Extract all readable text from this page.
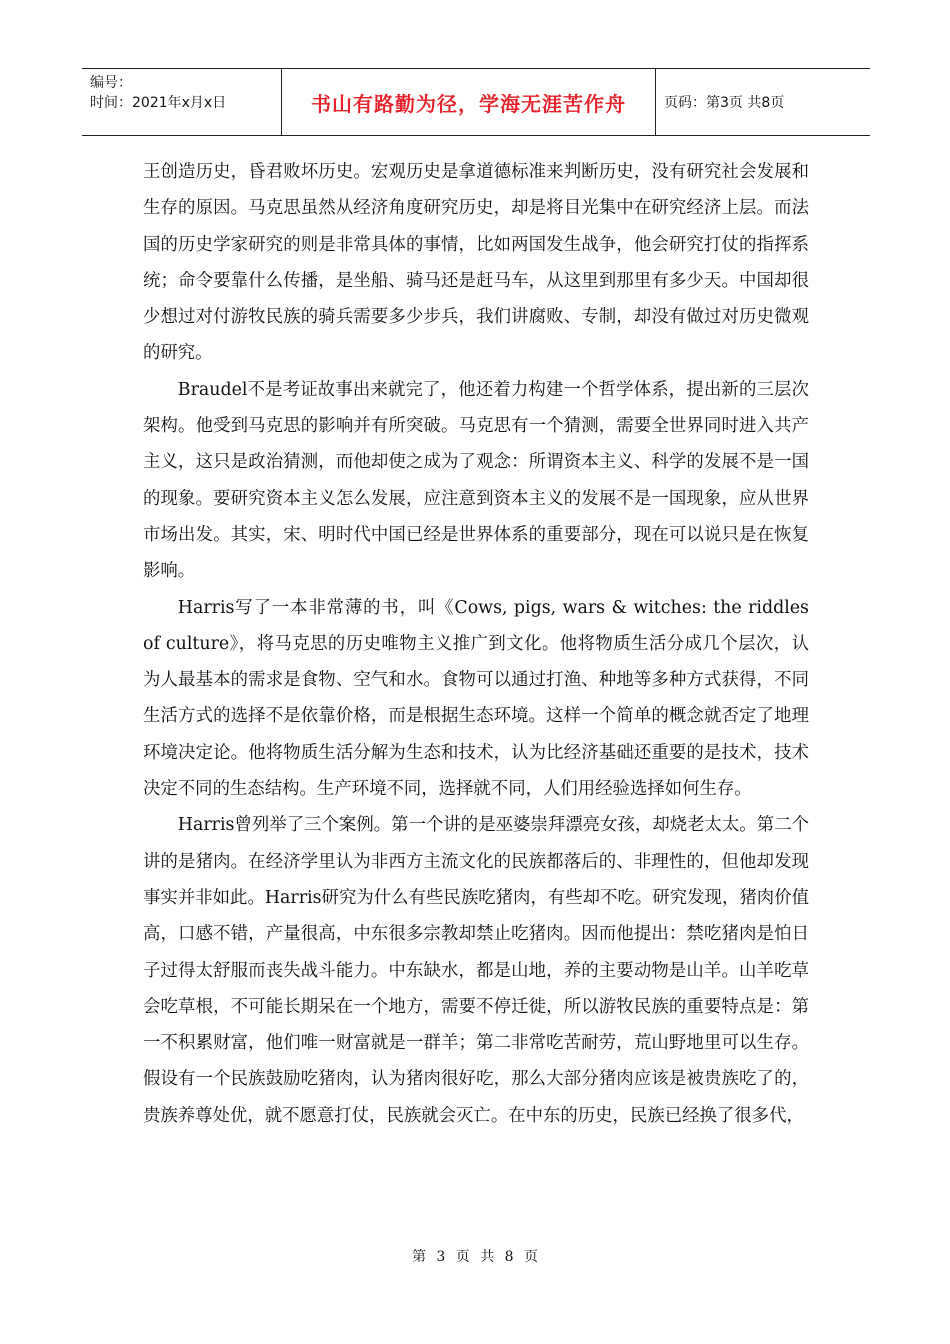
编号：
时间：2021年x月x日	书山有路勤为径，学海无涯苦作舟	页码：第3页 共8页

王创造历史，昏君败坏历史。宏观历史是拿道德标准来判断历史，没有研究社会发展和生存的原因。马克思虽然从经济角度研究历史，却是将目光集中在研究经济上层。而法国的历史学家研究的则是非常具体的事情，比如两国发生战争，他会研究打仗的指挥系统；命令要靠什么传播，是坐船、骑马还是赶马车，从这里到那里有多少天。中国却很少想过对付游牧民族的骑兵需要多少步兵，我们讲腐败、专制，却没有做过对历史微观的研究。

Braudel不是考证故事出来就完了，他还着力构建一个哲学体系，提出新的三层次架构。他受到马克思的影响并有所突破。马克思有一个猜测，需要全世界同时进入共产主义，这只是政治猜测，而他却使之成为了观念：所谓资本主义、科学的发展不是一国的现象。要研究资本主义怎么发展，应注意到资本主义的发展不是一国现象，应从世界市场出发。其实，宋、明时代中国已经是世界体系的重要部分，现在可以说只是在恢复影响。

Harris写了一本非常薄的书，叫《Cows, pigs, wars & witches: the riddles of culture》，将马克思的历史唯物主义推广到文化。他将物质生活分成几个层次，认为人最基本的需求是食物、空气和水。食物可以通过打渔、种地等多种方式获得，不同生活方式的选择不是依靠价格，而是根据生态环境。这样一个简单的概念就否定了地理环境决定论。他将物质生活分解为生态和技术，认为比经济基础还重要的是技术，技术决定不同的生态结构。生产环境不同，选择就不同，人们用经验选择如何生存。

Harris曾列举了三个案例。第一个讲的是巫婆崇拜漂亮女孩，却烧老太太。第二个讲的是猪肉。在经济学里认为非西方主流文化的民族都落后的、非理性的，但他却发现事实并非如此。Harris研究为什么有些民族吃猪肉，有些却不吃。研究发现，猪肉价值高，口感不错，产量很高，中东很多宗教却禁止吃猪肉。因而他提出：禁吃猪肉是怕日子过得太舒服而丧失战斗能力。中东缺水，都是山地，养的主要动物是山羊。山羊吃草会吃草根，不可能长期呆在一个地方，需要不停迁徙，所以游牧民族的重要特点是：第一不积累财富，他们唯一财富就是一群羊；第二非常吃苦耐劳，荒山野地里可以生存。假设有一个民族鼓励吃猪肉，认为猪肉很好吃，那么大部分猪肉应该是被贵族吃了的，贵族养尊处优，就不愿意打仗，民族就会灭亡。在中东的历史，民族已经换了很多代，

第 3 页 共 8 页
